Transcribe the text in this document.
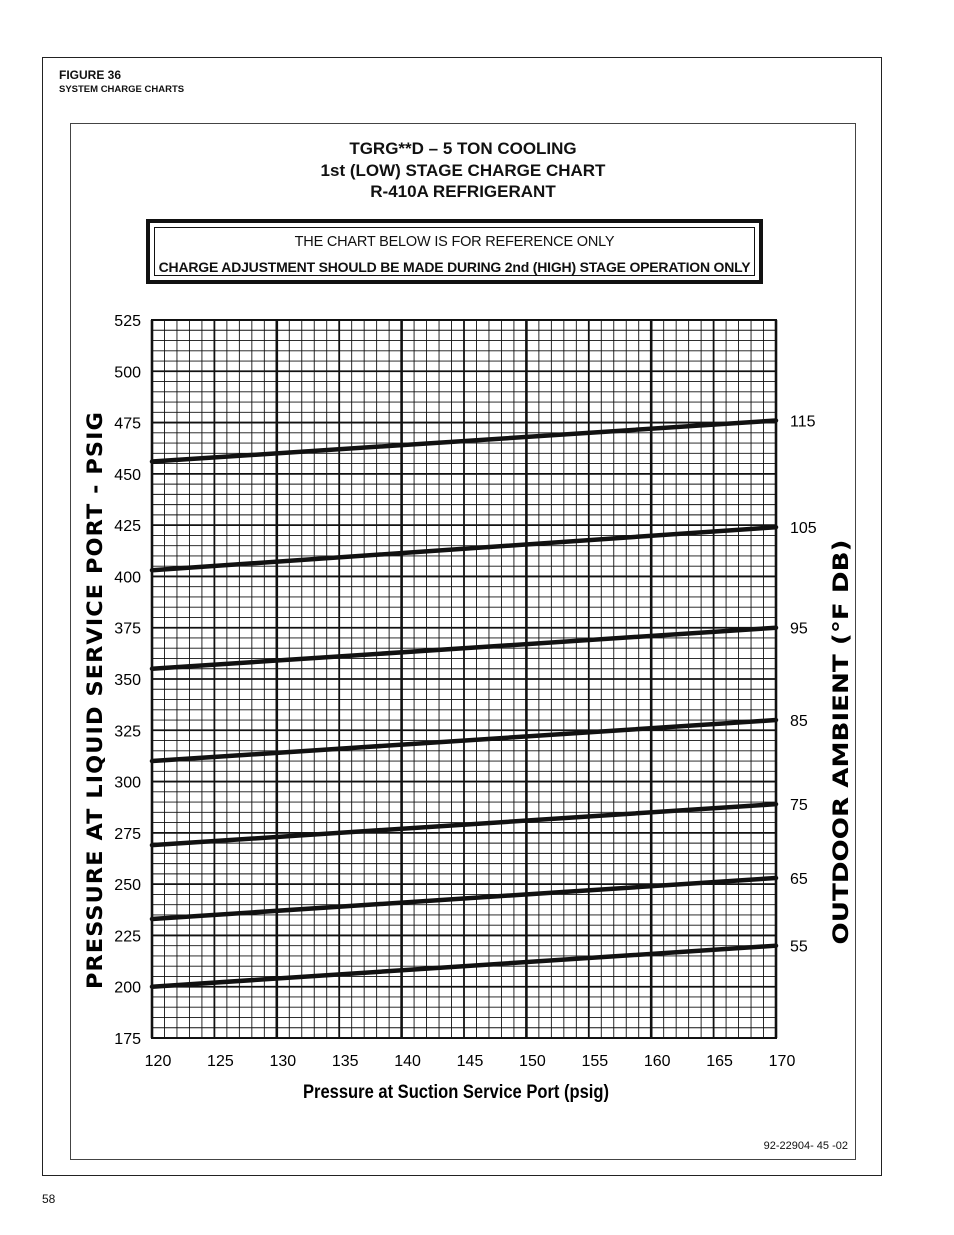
FIGURE 36
SYSTEM CHARGE CHARTS
TGRG**D – 5 TON COOLING
1st (LOW) STAGE CHARGE CHART
R-410A REFRIGERANT
THE CHART BELOW IS FOR REFERENCE ONLY
CHARGE ADJUSTMENT SHOULD BE MADE DURING 2nd (HIGH) STAGE OPERATION ONLY
115
105
95
85
75
65
55
175
200
225
250
275
300
325
350
375
400
425
450
475
500
525
120 125 130 135 140 145 150 155 160 165 170
Pressure at Suction Service Port (psig)
PRESSURE AT LIQUID SERVICE PORT - PSIG	OUTDOOR AMBIENT (°F DB)
92-22904- 45 -02
58
